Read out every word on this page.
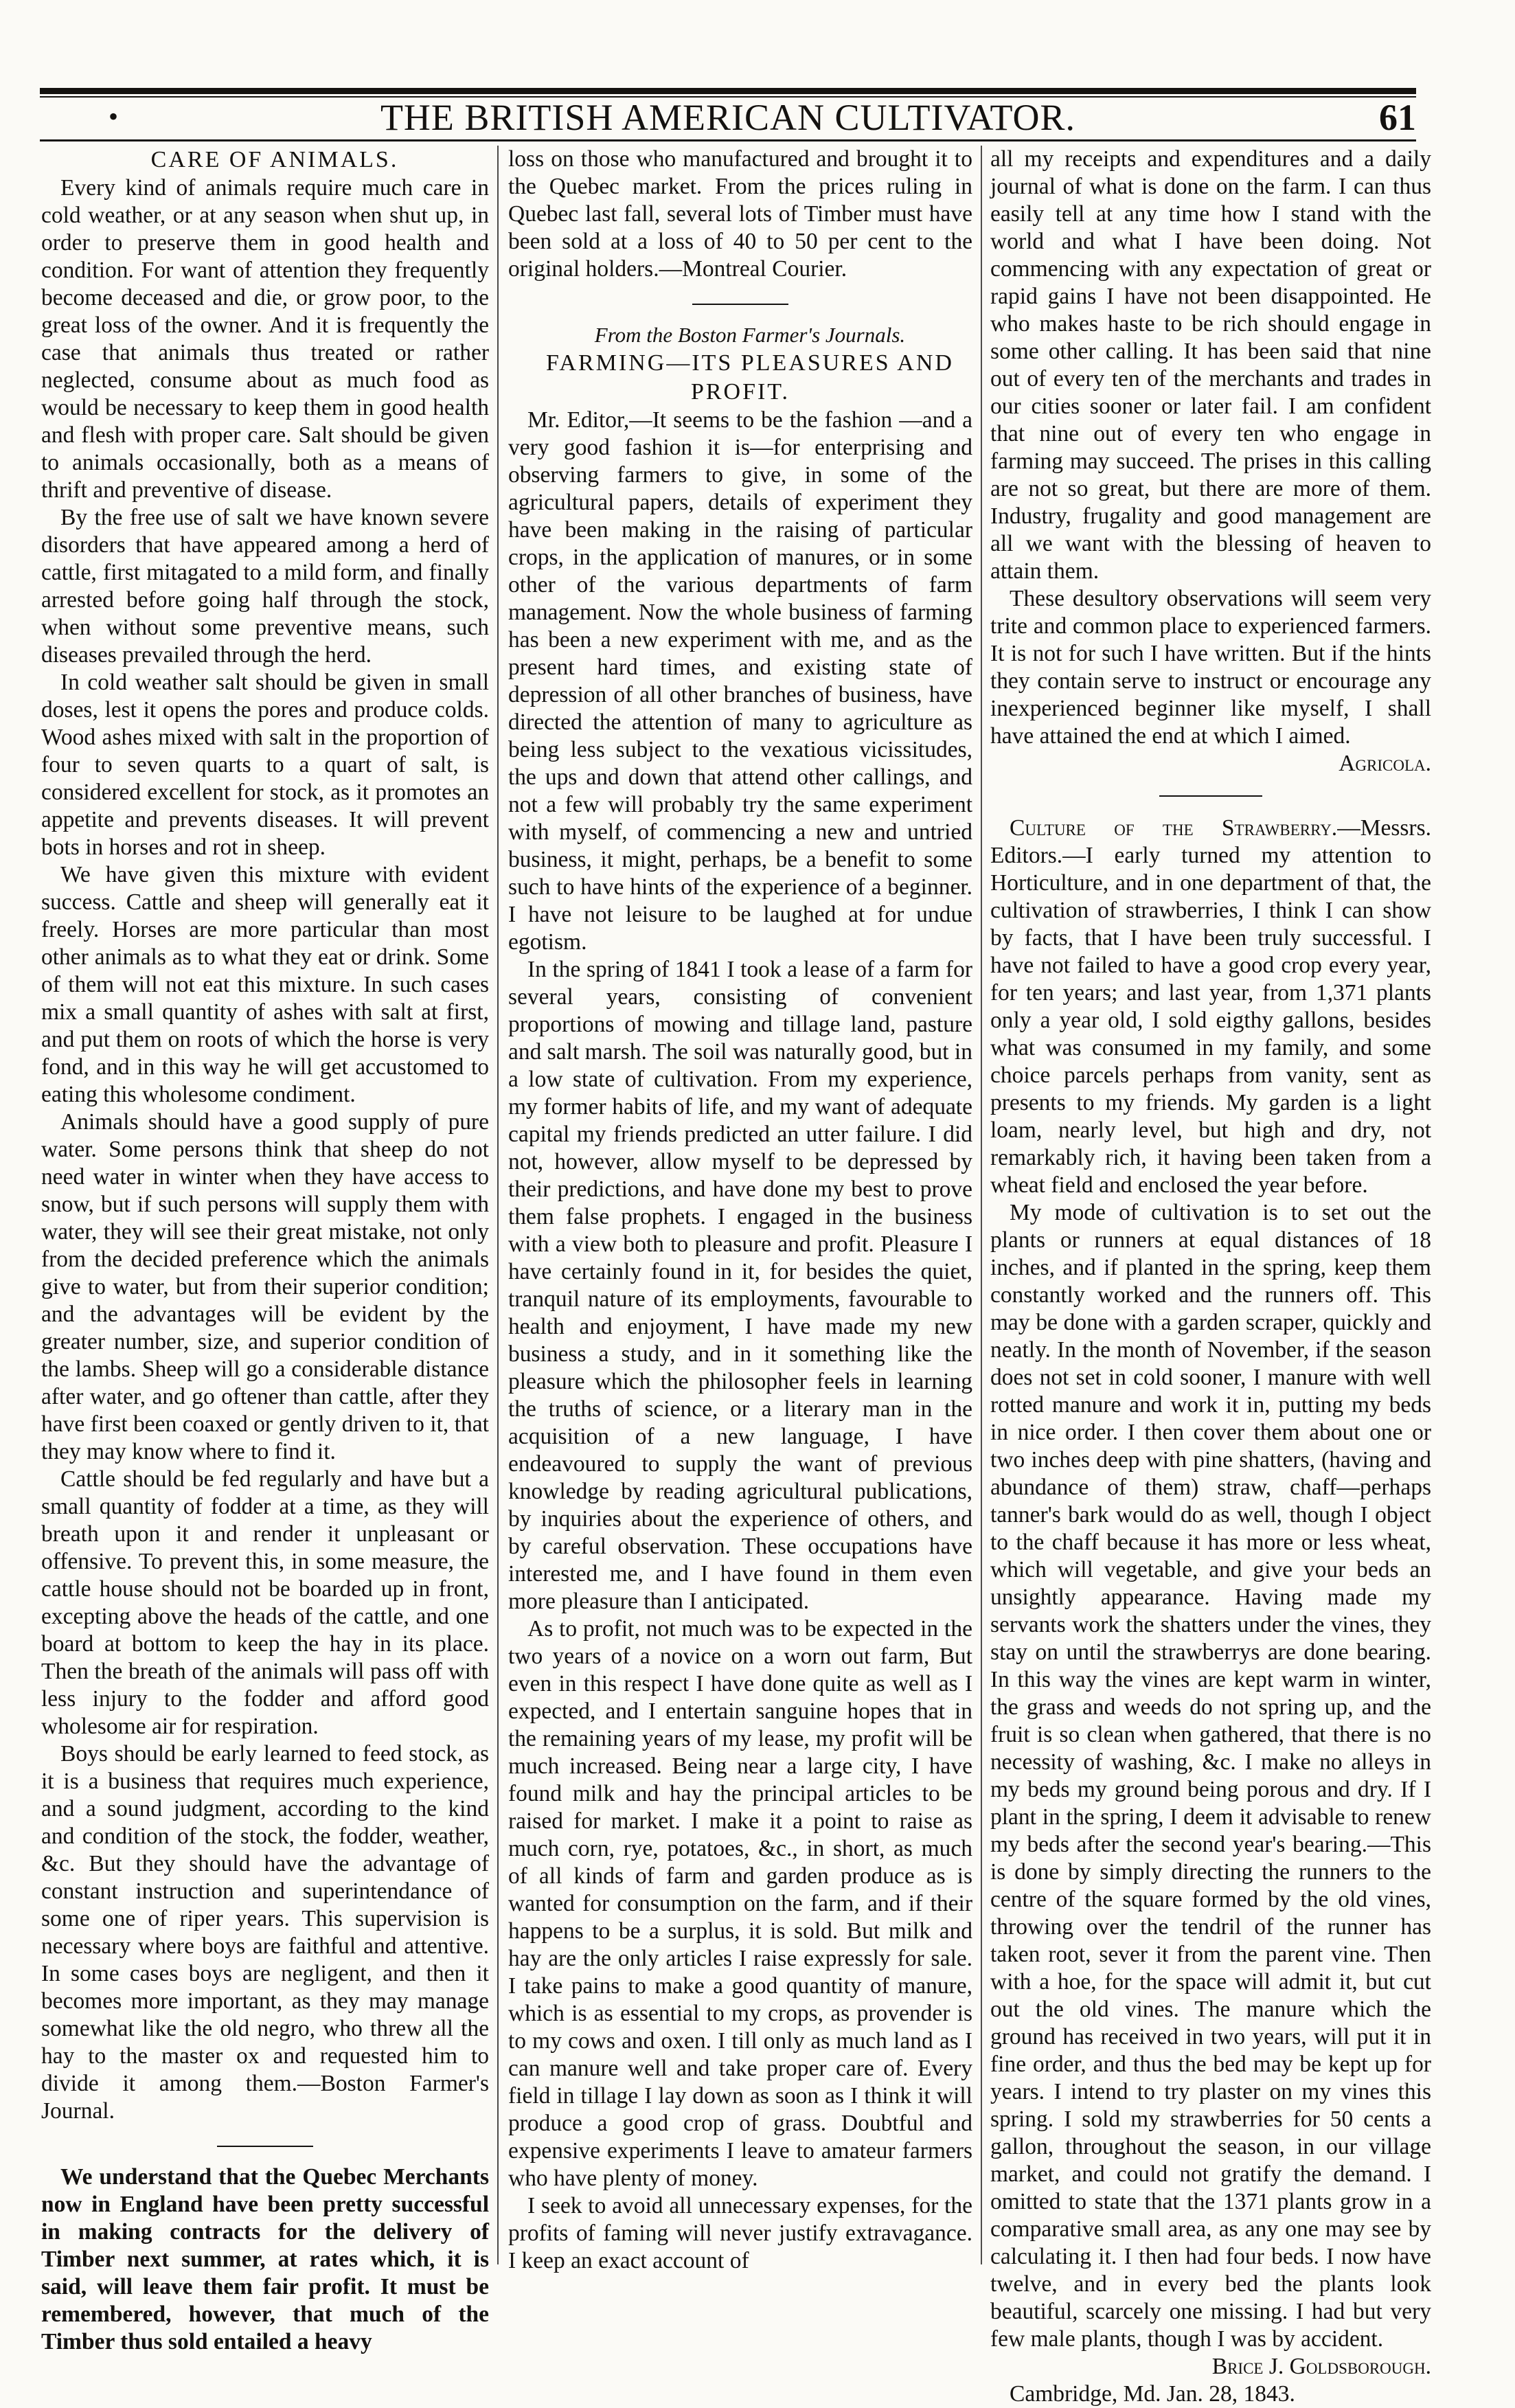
•	THE BRITISH AMERICAN CULTIVATOR.	61

CARE OF ANIMALS.

Every kind of animals require much care in cold weather, or at any season when shut up, in order to preserve them in good health and condition. For want of attention they frequently become deceased and die, or grow poor, to the great loss of the owner. And it is frequently the case that animals thus treated or rather neglected, consume about as much food as would be necessary to keep them in good health and flesh with proper care. Salt should be given to animals occasionally, both as a means of thrift and preventive of disease.

By the free use of salt we have known severe disorders that have appeared among a herd of cattle, first mitagated to a mild form, and finally arrested before going half through the stock, when without some preventive means, such diseases prevailed through the herd.

In cold weather salt should be given in small doses, lest it opens the pores and produce colds. Wood ashes mixed with salt in the proportion of four to seven quarts to a quart of salt, is considered excellent for stock, as it promotes an appetite and prevents diseases. It will prevent bots in horses and rot in sheep.

We have given this mixture with evident success. Cattle and sheep will generally eat it freely. Horses are more particular than most other animals as to what they eat or drink. Some of them will not eat this mixture. In such cases mix a small quantity of ashes with salt at first, and put them on roots of which the horse is very fond, and in this way he will get accustomed to eating this wholesome condiment.

Animals should have a good supply of pure water. Some persons think that sheep do not need water in winter when they have access to snow, but if such persons will supply them with water, they will see their great mistake, not only from the decided preference which the animals give to water, but from their superior condition; and the advantages will be evident by the greater number, size, and superior condition of the lambs. Sheep will go a considerable distance after water, and go oftener than cattle, after they have first been coaxed or gently driven to it, that they may know where to find it.

Cattle should be fed regularly and have but a small quantity of fodder at a time, as they will breath upon it and render it unpleasant or offensive. To prevent this, in some measure, the cattle house should not be boarded up in front, excepting above the heads of the cattle, and one board at bottom to keep the hay in its place. Then the breath of the animals will pass off with less injury to the fodder and afford good wholesome air for respiration.

Boys should be early learned to feed stock, as it is a business that requires much experience, and a sound judgment, according to the kind and condition of the stock, the fodder, weather, &c. But they should have the advantage of constant instruction and superintendance of some one of riper years. This supervision is necessary where boys are faithful and attentive. In some cases boys are negligent, and then it becomes more important, as they may manage somewhat like the old negro, who threw all the hay to the master ox and requested him to divide it among them.—Boston Farmer's Journal.

We understand that the Quebec Merchants now in England have been pretty successful in making contracts for the delivery of Timber next summer, at rates which, it is said, will leave them fair profit. It must be remembered, however, that much of the Timber thus sold entailed a heavy

loss on those who manufactured and brought it to the Quebec market. From the prices ruling in Quebec last fall, several lots of Timber must have been sold at a loss of 40 to 50 per cent to the original holders.—Montreal Courier.

From the Boston Farmer's Journals.

FARMING—ITS PLEASURES AND PROFIT.

Mr. Editor,—It seems to be the fashion —and a very good fashion it is—for enterprising and observing farmers to give, in some of the agricultural papers, details of experiment they have been making in the raising of particular crops, in the application of manures, or in some other of the various departments of farm management. Now the whole business of farming has been a new experiment with me, and as the present hard times, and existing state of depression of all other branches of business, have directed the attention of many to agriculture as being less subject to the vexatious vicissitudes, the ups and down that attend other callings, and not a few will probably try the same experiment with myself, of commencing a new and untried business, it might, perhaps, be a benefit to some such to have hints of the experience of a beginner. I have not leisure to be laughed at for undue egotism.

In the spring of 1841 I took a lease of a farm for several years, consisting of convenient proportions of mowing and tillage land, pasture and salt marsh. The soil was naturally good, but in a low state of cultivation. From my experience, my former habits of life, and my want of adequate capital my friends predicted an utter failure. I did not, however, allow myself to be depressed by their predictions, and have done my best to prove them false prophets. I engaged in the business with a view both to pleasure and profit. Pleasure I have certainly found in it, for besides the quiet, tranquil nature of its employments, favourable to health and enjoyment, I have made my new business a study, and in it something like the pleasure which the philosopher feels in learning the truths of science, or a literary man in the acquisition of a new language, I have endeavoured to supply the want of previous knowledge by reading agricultural publications, by inquiries about the experience of others, and by careful observation. These occupations have interested me, and I have found in them even more pleasure than I anticipated.

As to profit, not much was to be expected in the two years of a novice on a worn out farm, But even in this respect I have done quite as well as I expected, and I entertain sanguine hopes that in the remaining years of my lease, my profit will be much increased. Being near a large city, I have found milk and hay the principal articles to be raised for market. I make it a point to raise as much corn, rye, potatoes, &c., in short, as much of all kinds of farm and garden produce as is wanted for consumption on the farm, and if their happens to be a surplus, it is sold. But milk and hay are the only articles I raise expressly for sale. I take pains to make a good quantity of manure, which is as essential to my crops, as provender is to my cows and oxen. I till only as much land as I can manure well and take proper care of. Every field in tillage I lay down as soon as I think it will produce a good crop of grass. Doubtful and expensive experiments I leave to amateur farmers who have plenty of money.

I seek to avoid all unnecessary expenses, for the profits of faming will never justify extravagance. I keep an exact account of

all my receipts and expenditures and a daily journal of what is done on the farm. I can thus easily tell at any time how I stand with the world and what I have been doing. Not commencing with any expectation of great or rapid gains I have not been disappointed. He who makes haste to be rich should engage in some other calling. It has been said that nine out of every ten of the merchants and trades in our cities sooner or later fail. I am confident that nine out of every ten who engage in farming may succeed. The prises in this calling are not so great, but there are more of them. Industry, frugality and good management are all we want with the blessing of heaven to attain them.

These desultory observations will seem very trite and common place to experienced farmers. It is not for such I have written. But if the hints they contain serve to instruct or encourage any inexperienced beginner like myself, I shall have attained the end at which I aimed.

Agricola.

Culture of the Strawberry.—Messrs. Editors.—I early turned my attention to Horticulture, and in one department of that, the cultivation of strawberries, I think I can show by facts, that I have been truly successful. I have not failed to have a good crop every year, for ten years; and last year, from 1,371 plants only a year old, I sold eigthy gallons, besides what was consumed in my family, and some choice parcels perhaps from vanity, sent as presents to my friends. My garden is a light loam, nearly level, but high and dry, not remarkably rich, it having been taken from a wheat field and enclosed the year before.

My mode of cultivation is to set out the plants or runners at equal distances of 18 inches, and if planted in the spring, keep them constantly worked and the runners off. This may be done with a garden scraper, quickly and neatly. In the month of November, if the season does not set in cold sooner, I manure with well rotted manure and work it in, putting my beds in nice order. I then cover them about one or two inches deep with pine shatters, (having and abundance of them) straw, chaff—perhaps tanner's bark would do as well, though I object to the chaff because it has more or less wheat, which will vegetable, and give your beds an unsightly appearance. Having made my servants work the shatters under the vines, they stay on until the strawberrys are done bearing. In this way the vines are kept warm in winter, the grass and weeds do not spring up, and the fruit is so clean when gathered, that there is no necessity of washing, &c. I make no alleys in my beds my ground being porous and dry. If I plant in the spring, I deem it advisable to renew my beds after the second year's bearing.—This is done by simply directing the runners to the centre of the square formed by the old vines, throwing over the tendril of the runner has taken root, sever it from the parent vine. Then with a hoe, for the space will admit it, but cut out the old vines. The manure which the ground has received in two years, will put it in fine order, and thus the bed may be kept up for years. I intend to try plaster on my vines this spring. I sold my strawberries for 50 cents a gallon, throughout the season, in our village market, and could not gratify the demand. I omitted to state that the 1371 plants grow in a comparative small area, as any one may see by calculating it. I then had four beds. I now have twelve, and in every bed the plants look beautiful, scarcely one missing. I had but very few male plants, though I was by accident.

Brice J. Goldsborough.

Cambridge, Md. Jan. 28, 1843.
